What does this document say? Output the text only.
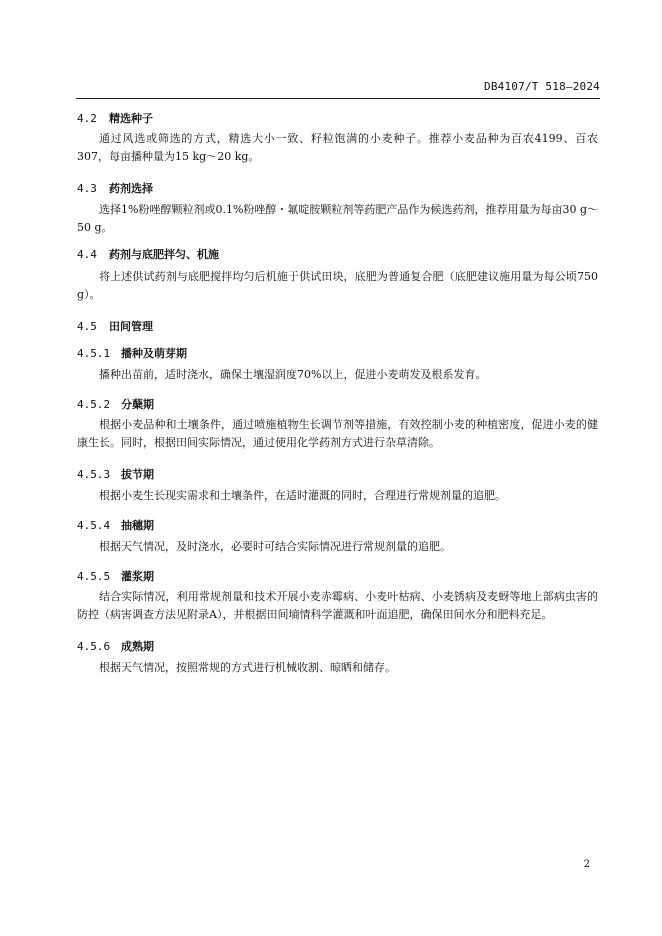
DB4107/T 518—2024
4.2 精选种子
通过风选或筛选的方式，精选大小一致、籽粒饱满的小麦种子。推荐小麦品种为百农4199、百农307，每亩播种量为15 kg～20 kg。
4.3 药剂选择
选择1%粉唑醇颗粒剂或0.1%粉唑醇・氟啶胺颗粒剂等药肥产品作为候选药剂，推荐用量为每亩30 g～50 g。
4.4 药剂与底肥拌匀、机施
将上述供试药剂与底肥搅拌均匀后机施于供试田块，底肥为普通复合肥（底肥建议施用量为每公顷750 g）。
4.5 田间管理
4.5.1 播种及萌芽期
播种出苗前，适时浇水，确保土壤湿润度70%以上，促进小麦萌发及根系发育。
4.5.2 分蘖期
根据小麦品种和土壤条件，通过喷施植物生长调节剂等措施，有效控制小麦的种植密度，促进小麦的健康生长。同时，根据田间实际情况，通过使用化学药剂方式进行杂草清除。
4.5.3 拔节期
根据小麦生长现实需求和土壤条件，在适时灌溉的同时，合理进行常规剂量的追肥。
4.5.4 抽穗期
根据天气情况，及时浇水，必要时可结合实际情况进行常规剂量的追肥。
4.5.5 灌浆期
结合实际情况，利用常规剂量和技术开展小麦赤霉病、小麦叶枯病、小麦锈病及麦蚜等地上部病虫害的防控（病害调查方法见附录A），并根据田间墒情科学灌溉和叶面追肥，确保田间水分和肥料充足。
4.5.6 成熟期
根据天气情况，按照常规的方式进行机械收割、晾晒和储存。
2
